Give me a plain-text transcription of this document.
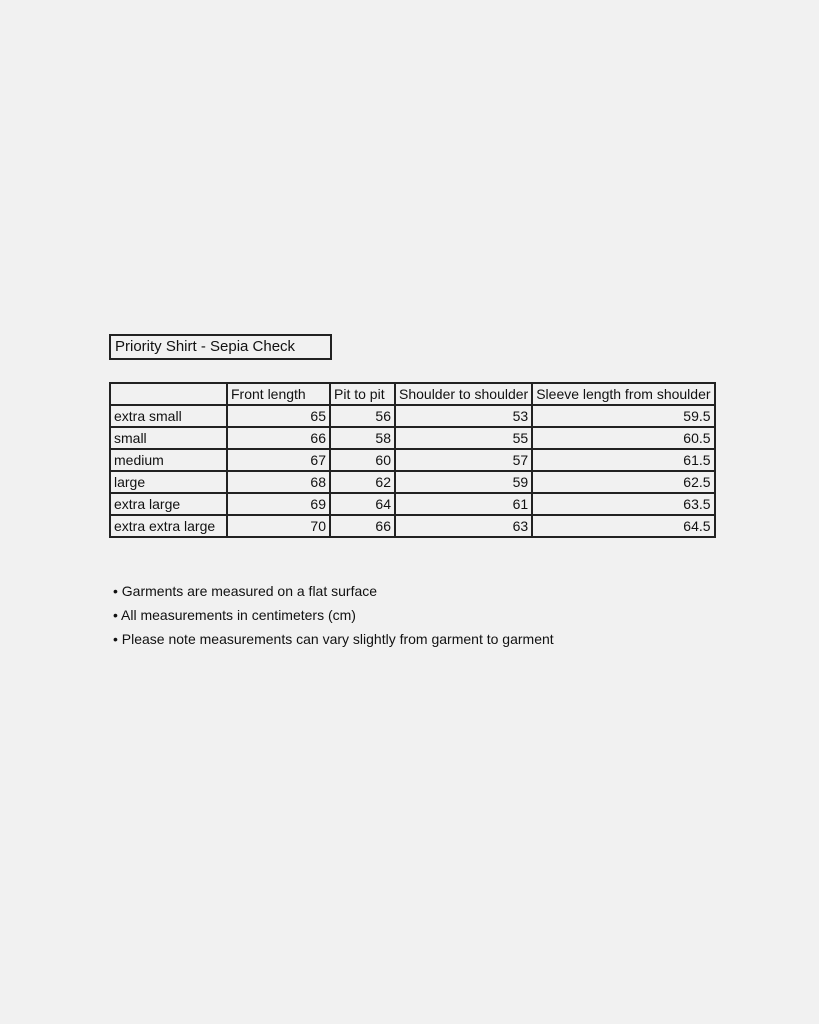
Priority Shirt - Sepia Check
	Front length	Pit to pit	Shoulder to shoulder	Sleeve length from shoulder
extra small	65	56	53	59.5
small	66	58	55	60.5
medium	67	60	57	61.5
large	68	62	59	62.5
extra large	69	64	61	63.5
extra extra large	70	66	63	64.5
• Garments are measured on a flat surface
• All measurements in centimeters (cm)
• Please note measurements can vary slightly from garment to garment
